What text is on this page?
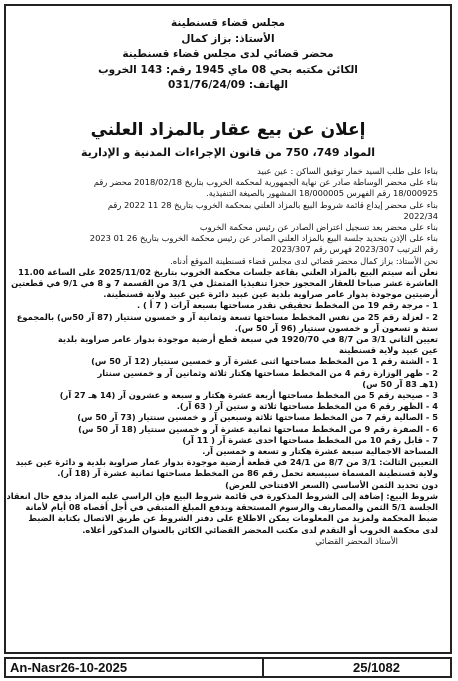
مجلس قضاء قسنطينة
الأستاذ: بزاز كمال
محضر قضائي لدى مجلس قضاء قسنطينة
الكائن مكتبه بحي 08 ماي 1945 رقم: 143 الخروب
الهاتف: 031/76/24/09
إعلان عن بيع عقار بالمزاد العلني
المواد 749، 750 من قانون الإجراءات المدنية و الإدارية

بناءا على طلب السيد خمار توفيق الساكن : عين عبيد

بناء على محضر الوساطة صادر عن نهاية الجمهورية لمحكمة الخروب بتاريخ 2018/02/18 محضر رقم

18/000925 رقم الفهرس 18/000005 المشهور بالصيغة التنفيذية.

بناء على محضر إيداع قائمة شروط البيع بالمزاد العلني بمحكمة الخروب بتاريخ 28 11 2022 رقم

2022/34

بناء على محضر بعد تسجيل اعتراض الصادر عن رئيس محكمة الخروب

بناء على الإذن بتحديد جلسة البيع بالمزاد العلني الصادر عن رئيس محكمة الخروب بتاريخ 26 01 2023

رقم الترتيب 2023/307 فهرس رقم 2023/307

نحن الأستاذ: بزاز كمال محضر قضائي لدى مجلس قضاء قسنطينة الموقع أدناه.

نعلن أنه سيتم البيع بالمزاد العلني بقاعة جلسات محكمة الخروب بتاريخ 2025/11/02 على الساعة 11.00

العاشرة عشر صباحا للعقار المحجوز حجزا تنفيذيا المتمثل في 3/1 من القسمة 7 و 8 في 9/1 في قطعتين

أرضيتين موجودة بدوار عامر صراوية بلدية عين عبيد دائرة عين عبيد ولاية قسنطينة.

1 - مرجة رقم 19 من المخطط تحقيقي نقدر مساحتها بسبعة آرات ( 7 أ ) .

2 - لعزلة رقم 25 من نفس المخطط مساحتها تسعة وثمانية آر و خمسون سنتيار (87 آر 50س) بالمجموع

ستة و تسعون آر و خمسون سنتيار (96 آر 50 س).

تعيين الثاني 3/1 من 8/7 في 1920/70 في سبعة قطع أرضية موجودة بدوار عامر صراوية بلدية

عين عبيد ولاية قسنطينة

1 - الشتة رقم 1 من المخطط مساحتها اثنى عشرة آر و خمسين سنتيار (12 آر 50 س)

2 - ظهر الوزارة رقم 4 من المخطط مساحتها هكتار ثلاثة وثمانين آر و خمسين سنتار

(1هـ 83 آر 50 س)

3 - صيحية رقم 5 من المخطط مساحتها أربعة عشرة هكتار و سبعة و عشرون آر (14 هـ 27 آر)

4 - الظهر رقم 6 من المخطط مساحتها ثلاثة و ستين آر ( 63 آر).

5 - الصالية رقم 7 من المخطط مساحتها ثلاثة وسبعين آر و خمسين سنتيار (73 آر 50 س)

6 - الصفرة رقم 9 من المخطط مساحتها ثمانية عشرة آر و خمسين سنتيار (18 آر 50 س)

7 - قابل رقم 10 من المخطط مساحتها احدى عشرة آر ( 11 آر)

المساحة الاجمالية سبعة عشرة هكتار و تسعة و خمسين آر.

التعيين الثالث: 3/1 من 8/7 من 24/1 في قطعة أرضية موجودة بدوار عمار صراوية بلدية و دائرة عين عبيد

ولاية قسنطينة المسماة سبيسعة تحمل رقم 86 من المخطط مساحتها ثمانية عشرة آر (18 آر).

دون تحديد الثمن الأساسي (السعر الافتتاحي للعرض)

شروط البيع: إضافة إلى الشروط المذكورة في قائمة شروط البيع فإن الراسي عليه المزاد يدفع حال انعقاد

الجلسة 5/1 الثمن والمصاريف والرسوم المستحقة ويدفع المبلغ المتبقي في أجل أقصاه 08 أيام لأمانة

ضبط المحكمة ولمزيد من المعلومات يمكن الاطلاع على دفتر الشروط عن طريق الاتصال بكتابة الضبط

لدى محكمة الخروب أو التقدم لدى مكتب المحضر القضائي الكائن بالعنوان المذكور أعلاه.

الأستاذ المحضر القضائي

An-Nasr26-10-2025	25/1082
